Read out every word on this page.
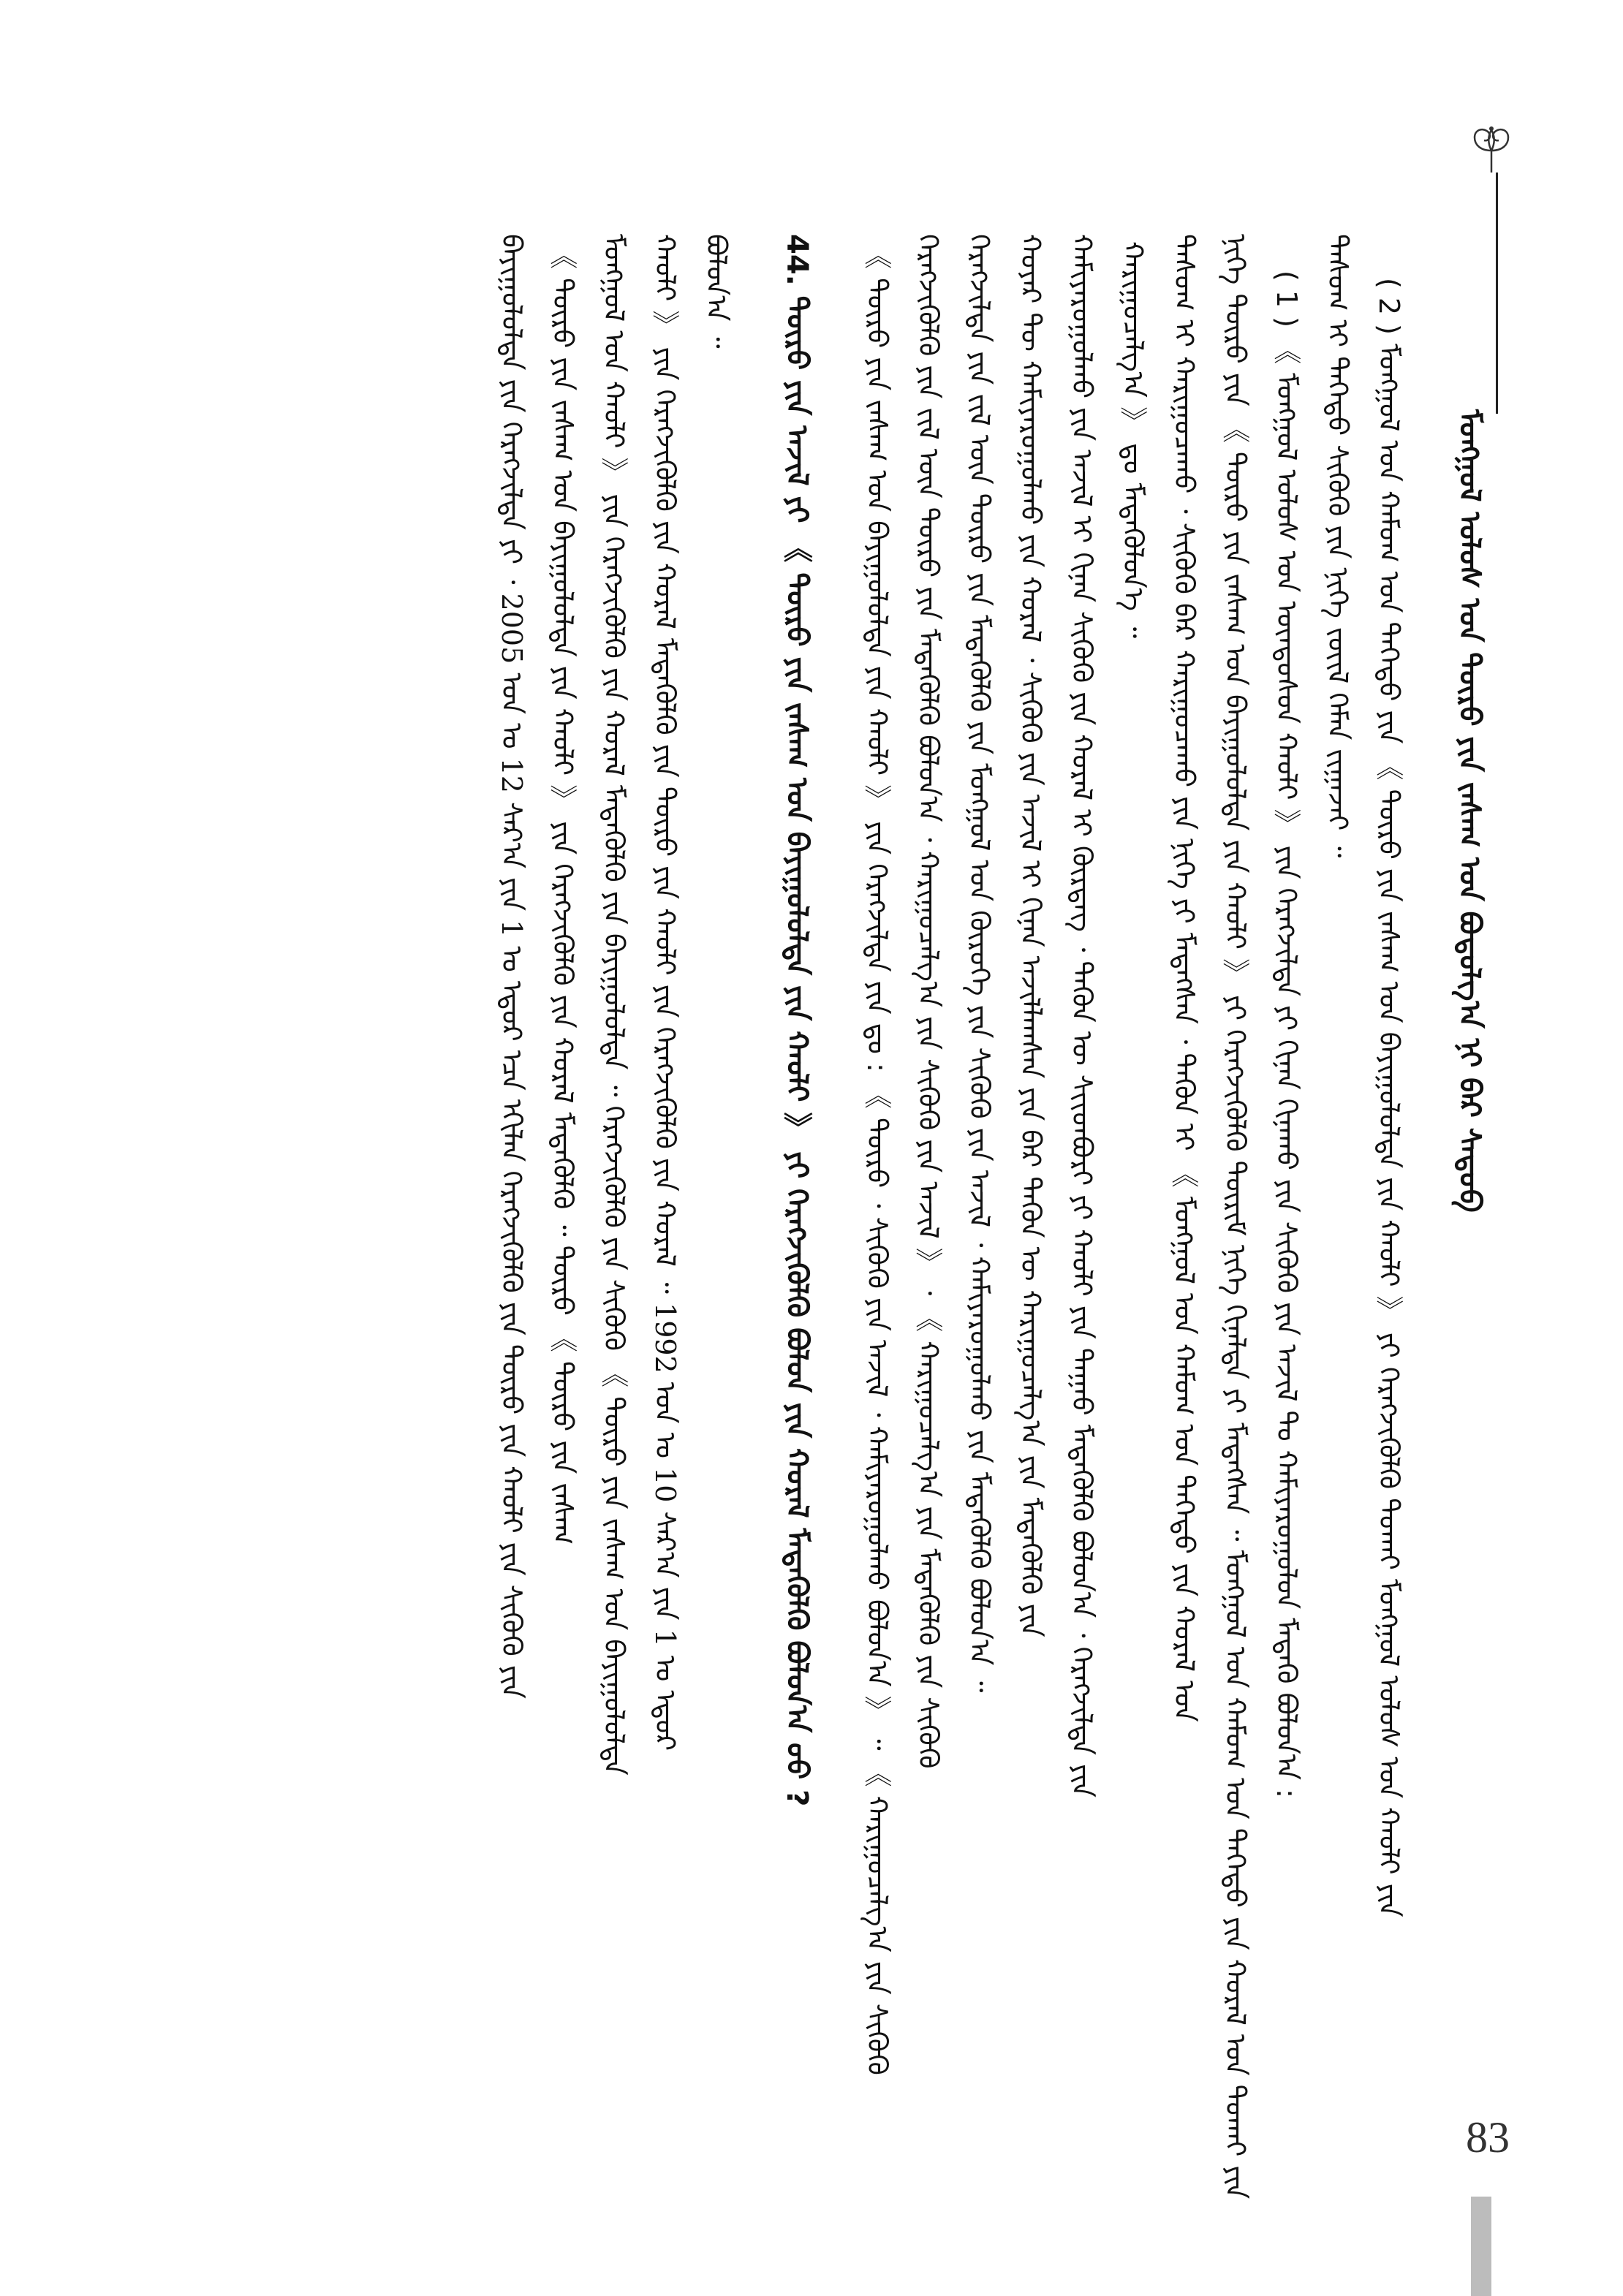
ᠮᠣᠩᠭᠣᠯ ᠤᠯᠤᠰ ᠤᠨ ᠲᠦᠷᠦ ᠶᠢᠨ ᠵᠠᠰᠠᠭ ᠤᠨ ᠪᠣᠳᠤᠯᠭ᠎ᠠ ᠨᠢ ᠪᠡᠷ ᠰᠡᠳᠦᠪ
( 2 ) ᠮᠣᠩᠭᠣᠯ ᠤᠨ ᠬᠠᠮᠤᠭ ᠤᠨ ᠳᠡᠭᠡᠳᠦ ᠶᠢᠨ 《 ᠲᠦᠷᠦ ᠶᠢᠨ ᠵᠠᠰᠠᠭ ᠤᠨ ᠪᠠᠶᠢᠭᠤᠯᠤᠯᠲᠠ ᠶᠢᠨ ᠬᠠᠤᠯᠢ 》 ᠶᠢ ᠬᠡᠷᠡᠭᠵᠢᠭᠦᠯᠬᠦ ᠲᠤᠬᠠᠢ ᠮᠣᠩᠭᠣᠯ ᠤᠯᠤᠰ ᠤᠨ ᠬᠠᠤᠯᠢ ᠶᠢᠨ
ᠲᠠᠰᠤᠭ ᠢ ᠳᠡᠭᠡᠳᠦ ᠰᠢᠭᠦᠬᠦ ᠶᠢᠨ ᠨᠢᠭᠡ ᠵᠦᠢᠯ ᠬᠡᠮᠡᠨ ᠵᠢᠭᠠᠵᠠᠢ ᠃
( 1 ) 《 ᠮᠣᠩᠭᠣᠯ ᠤᠯᠤᠰ ᠤᠨ ᠦᠨᠳᠦᠰᠦᠨ ᠬᠠᠤᠯᠢ 》 ᠶᠢᠨ ᠬᠡᠷᠡᠭᠵᠢᠯᠲᠡ ᠶᠢ ᠬᠢᠨᠠᠨ ᠬᠢᠨᠠᠬᠤ ᠶᠢᠨ ᠰᠢᠭᠦᠬᠦ ᠶᠢᠨ ᠠᠵᠢᠯ ᠲᠤ ᠬᠠᠮᠢᠶᠠᠷᠤᠭᠤᠯᠤᠨ ᠮᠡᠳᠡᠬᠦ ᠪᠣᠯᠤᠨ᠎ᠠ :
ᠨᠢᠭᠡ ᠲᠦᠷᠦ ᠶᠢᠨ 《 ᠲᠦᠷᠦ ᠶᠢᠨ ᠵᠠᠰᠠᠭ ᠤᠨ ᠪᠠᠶᠢᠭᠤᠯᠤᠯᠲᠠ ᠶᠢᠨ ᠬᠠᠤᠯᠢ 》 ᠶᠢ ᠬᠡᠷᠡᠭᠵᠢᠭᠦᠯᠬᠦ ᠳᠦᠷᠢᠮ ᠨᠢᠭᠡ ᠬᠢᠨᠠᠯᠲᠠ ᠶᠢ ᠮᠡᠳᠡᠭᠰᠡᠨ ᠃ ᠮᠣᠩᠭᠣᠯ ᠤᠨ ᠬᠠᠮᠤᠭ ᠤᠨ ᠳᠡᠭᠡᠳᠦ ᠶᠢᠨ ᠬᠤᠷᠠᠯ ᠤᠨ ᠲᠤᠬᠠᠢ ᠶᠢᠨ
ᠲᠠᠰᠤᠭ ᠢ ᠬᠠᠷᠢᠭᠤᠴᠠᠬᠤ ᠂ ᠰᠢᠭᠦᠬᠦ ᠪᠠᠷ ᠬᠠᠷᠢᠭᠤᠴᠠᠬᠤ ᠶᠢᠨ ᠨᠢᠭᠡ ᠶᠢ ᠮᠡᠳᠡᠭᠰᠡᠨ ᠂ ᠲᠡᠭᠦᠨ ᠢ 《 ᠮᠣᠩᠭᠣᠯ ᠤᠨ ᠬᠠᠮᠤᠭ ᠤᠨ ᠳᠡᠭᠡᠳᠦ ᠶᠢᠨ ᠬᠤᠷᠠᠯ ᠤᠨ
ᠬᠠᠷᠢᠭᠤᠴᠠᠯᠭ᠎ᠠ 》 ᠳᠤ ᠮᠡᠳᠡᠭᠦᠯᠦᠨ᠎ᠡ ᠃
ᠬᠠᠮᠢᠶᠠᠷᠤᠭᠤᠯᠬᠤ ᠶᠢᠨ ᠠᠵᠢᠯ ᠢ ᠬᠢᠨᠠᠨ ᠰᠢᠭᠦᠬᠦ ᠶᠢᠨ ᠬᠤᠷᠠᠯ ᠢ ᠬᠦᠷᠳᠡᠭ ᠂ ᠲᠡᠭᠦᠨ ᠦ ᠰᠢᠢᠳᠪᠦᠷᠢ ᠶᠢ ᠬᠠᠤᠯᠢ ᠶᠢᠨ ᠳᠠᠭᠠᠤ ᠮᠡᠳᠡᠭᠦᠯᠬᠦ ᠪᠣᠯᠤᠨ᠎ᠠ ᠂ ᠬᠡᠷᠡᠭᠵᠢᠯᠲᠡ ᠶᠢᠨ
ᠬᠣᠶᠠᠷ ᠲᠦ ᠬᠠᠮᠢᠶᠠᠷᠤᠭᠤᠯᠬᠤ ᠶᠢᠨ ᠬᠤᠷᠠᠯ ᠂ ᠰᠢᠭᠦᠬᠦ ᠶᠢᠨ ᠠᠵᠢᠯ ᠢ ᠬᠢᠨᠠᠨ ᠠᠵᠢᠯᠯᠠᠭᠰᠠᠨ ᠶᠢᠨ ᠪᠠᠷ ᠲᠡᠭᠦᠨ ᠦ ᠬᠠᠷᠢᠭᠤᠴᠠᠯᠭ᠎ᠠ ᠶᠢᠨ ᠮᠡᠳᠡᠭᠦᠯᠬᠦ ᠶᠢᠨ
ᠬᠡᠷᠡᠭᠵᠢᠯᠲᠡ ᠶᠢᠨ ᠵᠢᠯ ᠦᠨ ᠲᠦᠷᠦ ᠶᠢᠨ ᠮᠡᠳᠡᠭᠦᠯᠬᠦ ᠶᠢᠨ ᠮᠣᠩᠭᠣᠯ ᠤᠨ ᠬᠦᠷᠦᠭᠡ ᠶᠢᠨ ᠰᠢᠭᠦᠬᠦ ᠶᠢᠨ ᠠᠵᠢᠯ ᠂ ᠬᠠᠮᠢᠶᠠᠷᠤᠭᠤᠯᠬᠤ ᠶᠢᠨ ᠮᠡᠳᠡᠭᠦᠯᠬᠦ ᠪᠣᠯᠤᠨ᠎ᠠ ᠃
ᠬᠡᠷᠡᠭᠵᠢᠭᠦᠯᠬᠦ ᠶᠢᠨ ᠵᠢᠯ ᠦᠨ ᠲᠦᠷᠦ ᠶᠢᠨ ᠮᠡᠳᠡᠭᠦᠯᠬᠦ ᠪᠣᠯᠤᠨ᠎ᠠ ᠂ ᠬᠠᠷᠢᠭᠤᠴᠠᠯᠭ᠎ᠠ ᠶᠢᠨ ᠰᠢᠭᠦᠬᠦ ᠶᠢᠨ ᠠᠵᠢᠯ 》 ᠂ 《 ᠬᠠᠷᠢᠭᠤᠴᠠᠯᠭ᠎ᠠ ᠶᠢᠨ ᠮᠡᠳᠡᠭᠦᠯᠬᠦ ᠶᠢᠨ ᠰᠢᠭᠦᠬᠦ
《 ᠲᠦᠷᠦ ᠶᠢᠨ ᠵᠠᠰᠠᠭ ᠤᠨ ᠪᠠᠶᠢᠭᠤᠯᠤᠯᠲᠠ ᠶᠢᠨ ᠬᠠᠤᠯᠢ 》 ᠶᠢᠨ ᠬᠡᠷᠡᠭᠵᠢᠯᠲᠡ ᠶᠢᠨ ᠳᠤ : 《 ᠲᠦᠷᠦ ᠂ ᠰᠢᠭᠦᠬᠦ ᠶᠢᠨ ᠠᠵᠢᠯ ᠂ ᠬᠠᠮᠢᠶᠠᠷᠤᠭᠤᠯᠬᠤ ᠪᠣᠯᠤᠨ᠎ᠠ 》 ᠃ 《 ᠬᠠᠷᠢᠭᠤᠴᠠᠯᠭ᠎ᠠ ᠶᠢᠨ ᠰᠢᠭᠦᠬᠦ
44. ᠲᠦᠷᠦ ᠶᠢᠨ ᠠᠵᠢᠯ ᠶᠢ 《 ᠲᠦᠷᠦ ᠶᠢᠨ ᠵᠠᠰᠠᠭ ᠤᠨ ᠪᠠᠶᠢᠭᠤᠯᠤᠯᠲᠠ ᠶᠢᠨ ᠬᠠᠤᠯᠢ 》 ᠶᠢ ᠬᠡᠷᠡᠭᠵᠢᠭᠦᠯᠬᠦ ᠪᠣᠯᠤᠨ ᠶᠢᠨ ᠬᠤᠷᠠᠯ ᠮᠡᠳᠡᠭᠦᠯᠬᠦ ᠪᠣᠯᠤᠨ᠎ᠠ ᠤᠤ ?
ᠪᠣᠯᠤᠨ᠎ᠠ ᠃
ᠬᠠᠤᠯᠢ 》 ᠶᠢᠨ ᠬᠡᠷᠡᠭᠵᠢᠭᠦᠯᠬᠦ ᠶᠢᠨ ᠬᠤᠷᠠᠯ ᠮᠡᠳᠡᠭᠦᠯᠬᠦ ᠶᠢᠨ ᠲᠦᠷᠦ ᠶᠢᠨ ᠬᠠᠤᠯᠢ ᠶᠢᠨ ᠬᠡᠷᠡᠭᠵᠢᠭᠦᠯᠬᠦ ᠶᠢᠨ ᠬᠤᠷᠠᠯ ᠃ 1992 ᠣᠨ ᠤ 10 ᠰᠠᠷ᠎ᠠ ᠶᠢᠨ 1 ᠤ ᠡᠳᠦᠷ
ᠮᠣᠩᠭᠣᠯ ᠤᠨ ᠬᠠᠤᠯᠢ 》 ᠶᠢᠨ ᠬᠡᠷᠡᠭᠵᠢᠭᠦᠯᠬᠦ ᠶᠢᠨ ᠬᠤᠷᠠᠯ ᠮᠡᠳᠡᠭᠦᠯᠬᠦ ᠶᠢᠨ ᠪᠠᠶᠢᠭᠤᠯᠤᠯᠲᠠ ᠃ ᠬᠡᠷᠡᠭᠵᠢᠭᠦᠯᠬᠦ ᠶᠢᠨ ᠰᠢᠭᠦᠬᠦ 《 ᠲᠦᠷᠦ ᠶᠢᠨ ᠵᠠᠰᠠᠭ ᠤᠨ ᠪᠠᠶᠢᠭᠤᠯᠤᠯᠲᠠ
《 ᠲᠦᠷᠦ ᠶᠢᠨ ᠵᠠᠰᠠᠭ ᠤᠨ ᠪᠠᠶᠢᠭᠤᠯᠤᠯᠲᠠ ᠶᠢᠨ ᠬᠠᠤᠯᠢ 》 ᠶᠢᠨ ᠬᠡᠷᠡᠭᠵᠢᠭᠦᠯᠬᠦ ᠶᠢᠨ ᠬᠤᠷᠠᠯ ᠮᠡᠳᠡᠭᠦᠯᠬᠦ ᠃ ᠲᠦᠷᠦ 《 ᠲᠦᠷᠦ ᠶᠢᠨ ᠵᠠᠰᠠᠭ
ᠪᠠᠶᠢᠭᠤᠯᠤᠯᠲᠠ ᠶᠢᠨ ᠬᠡᠷᠡᠭᠵᠢᠯᠲᠡ ᠶᠢ ᠂ 2005 ᠣᠨ ᠤ 12 ᠰᠠᠷ᠎ᠠ ᠶᠢᠨ 1 ᠤ ᠡᠳᠦᠷ ᠡᠴᠡ ᠡᠬᠢᠯᠡᠨ ᠬᠡᠷᠡᠭᠵᠢᠭᠦᠯᠬᠦ ᠶᠢᠨ ᠲᠦᠷᠦ ᠶᠢᠨ ᠬᠠᠤᠯᠢ ᠶᠢᠨ ᠰᠢᠭᠦᠬᠦ ᠶᠢᠨ
83
